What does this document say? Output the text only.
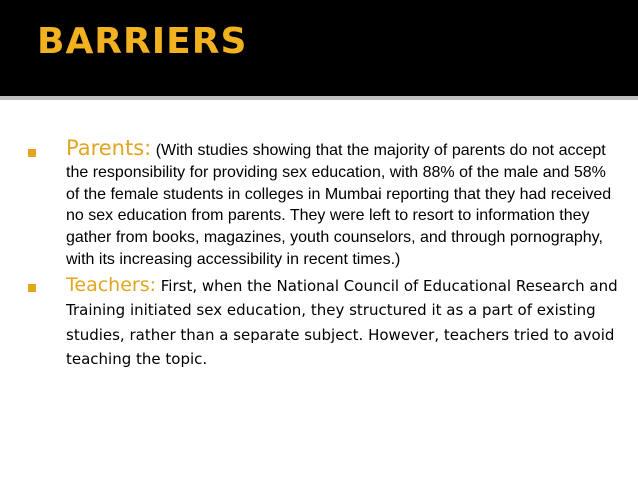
BARRIERS
Parents: (With studies showing that the majority of parents do not accept the responsibility for providing sex education, with 88% of the male and 58% of the female students in colleges in Mumbai reporting that they had received no sex education from parents. They were left to resort to information they gather from books, magazines, youth counselors, and through pornography, with its increasing accessibility in recent times.)
Teachers: First, when the National Council of Educational Research and Training initiated sex education, they structured it as a part of existing studies, rather than a separate subject. However, teachers tried to avoid teaching the topic.
